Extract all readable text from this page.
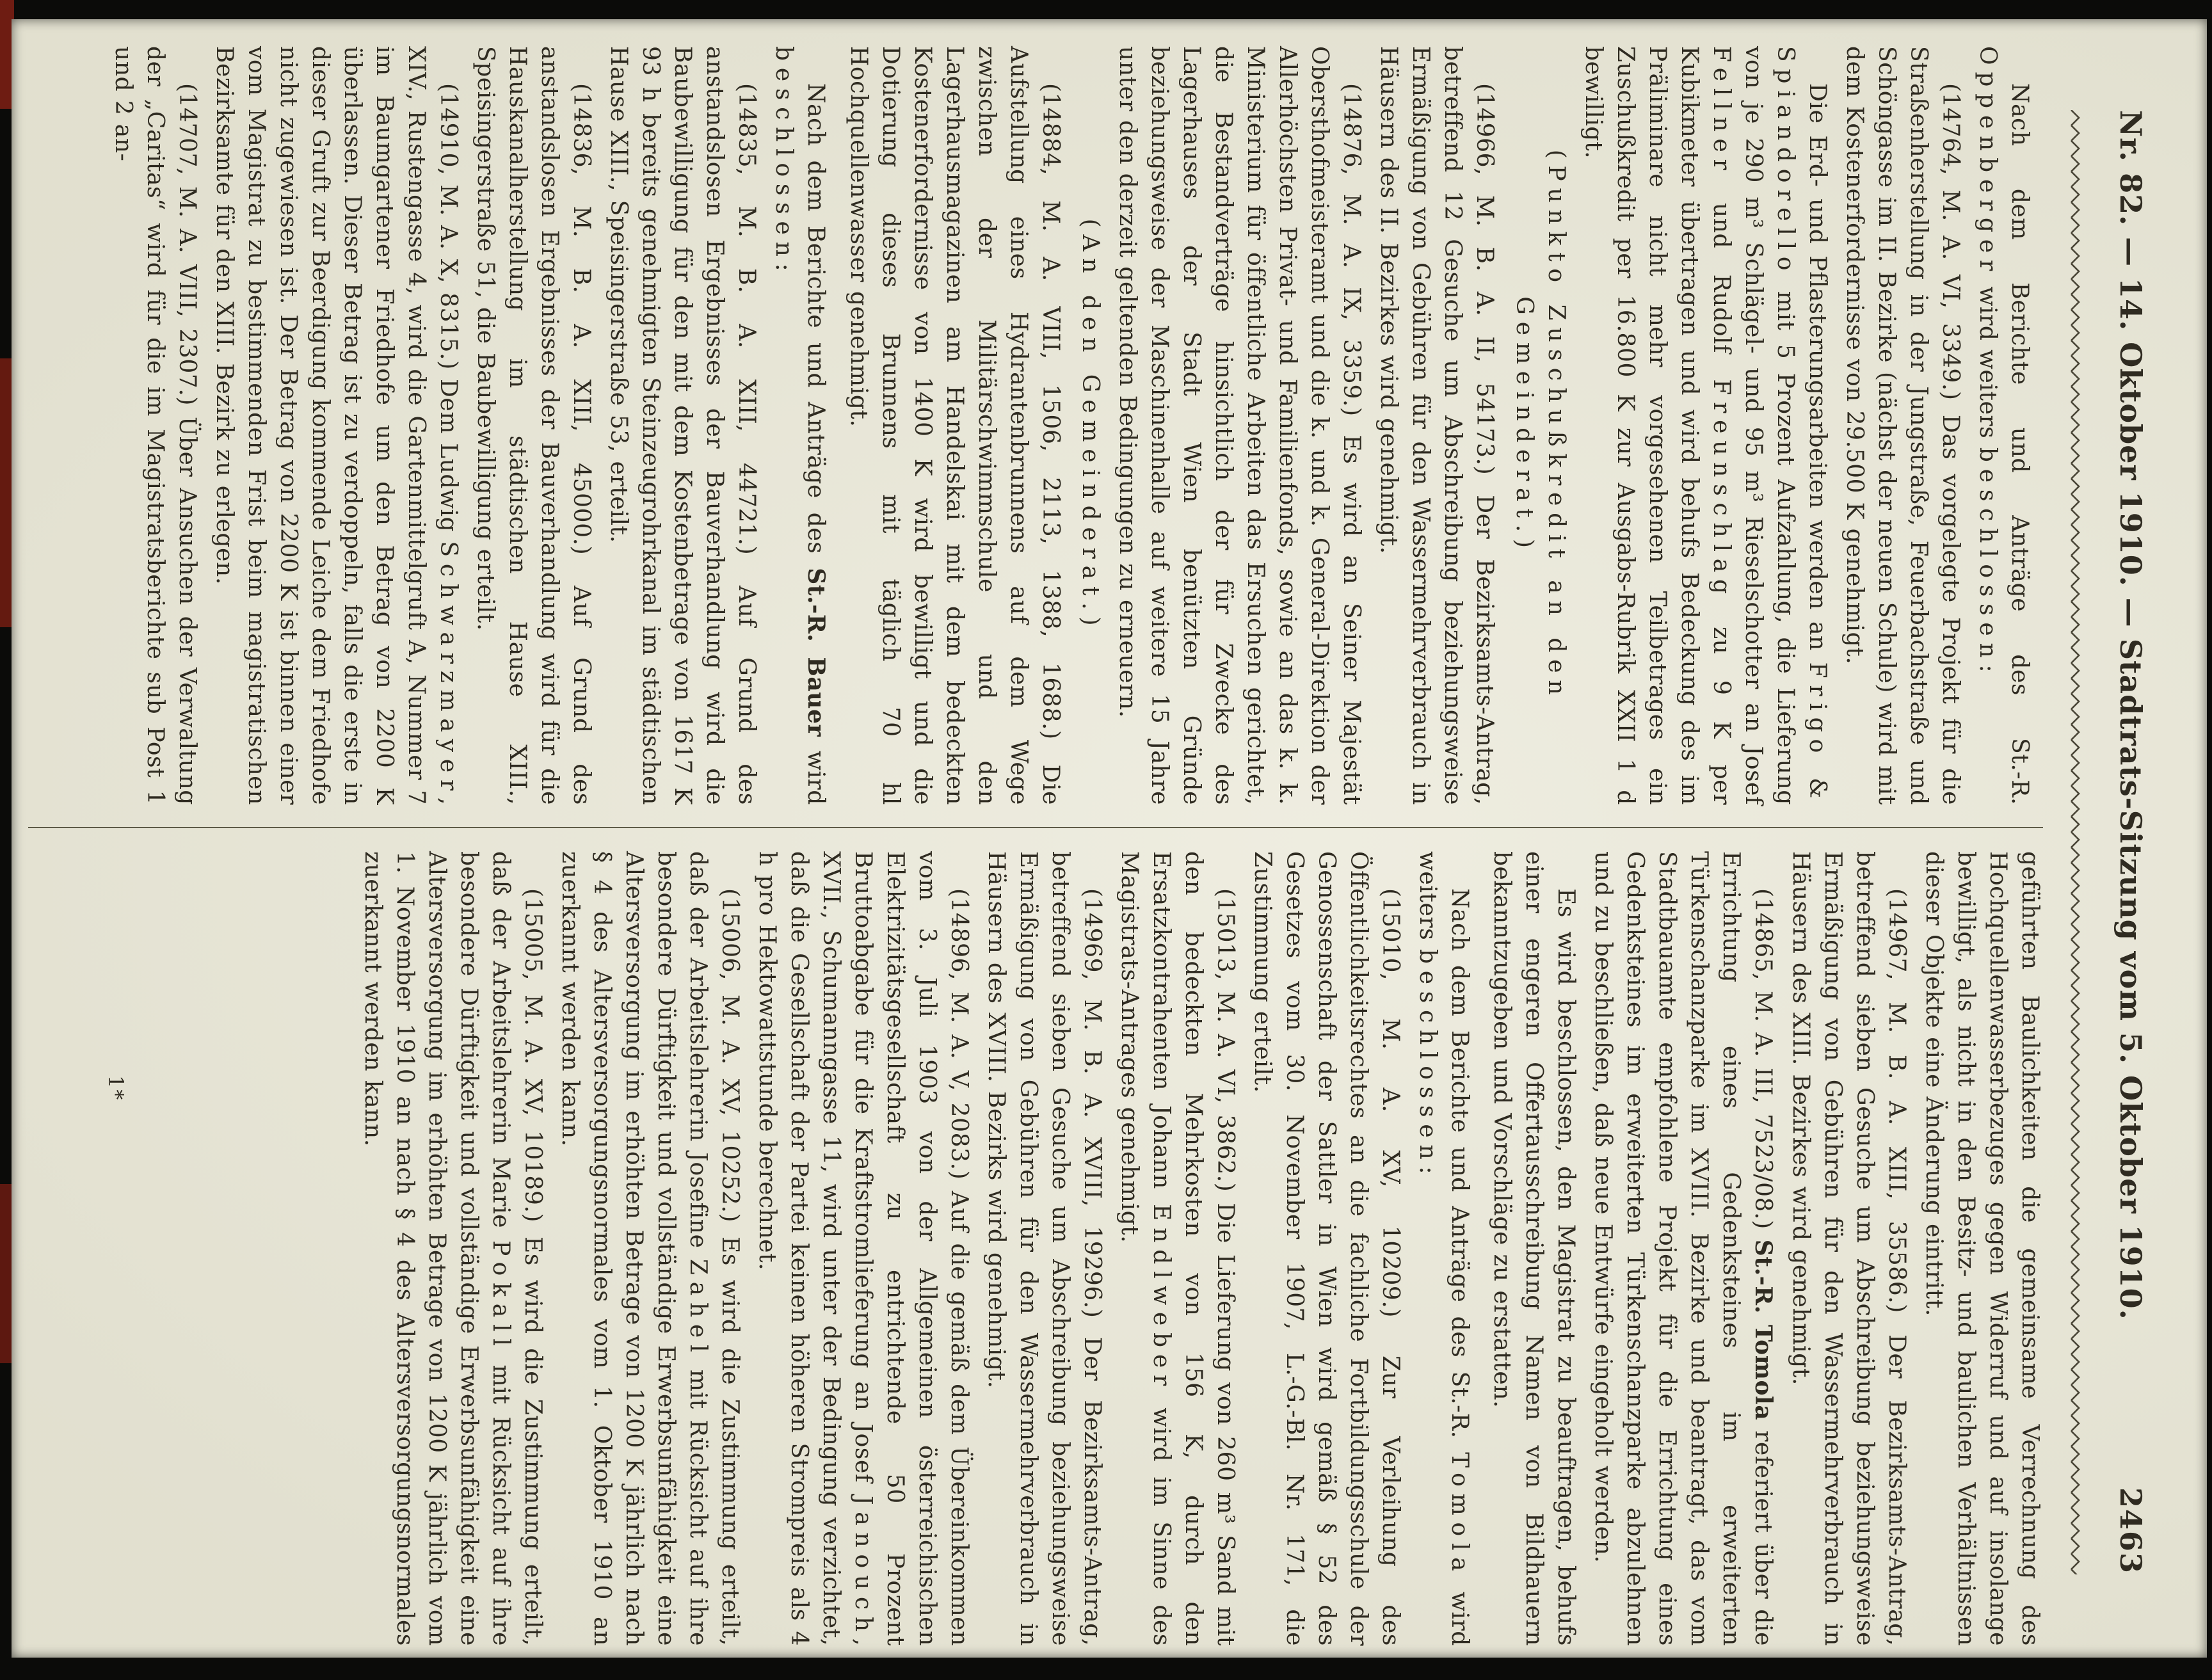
Nr. 82. — 14. Oktober 1910. — Stadtrats-Sitzung vom 5. Oktober 1910.
2463
Nach dem Berichte und Anträge des St.-R. Oppenberger wird weiters beschlossen:
(14764, M. A. VI, 3349.) Das vorgelegte Projekt für die Straßenherstellung in der Jungstraße, Feuerbachstraße und Schöngasse im II. Bezirke (nächst der neuen Schule) wird mit dem Kostenerfordernisse von 29.500 K genehmigt.
Die Erd- und Pflasterungsarbeiten werden an Frigo & Spiandorello mit 5 Prozent Aufzahlung, die Lieferung von je 290 m³ Schlägel- und 95 m³ Rieselschotter an Josef Fellner und Rudolf Freunschlag zu 9 K per Kubikmeter übertragen und wird behufs Bedeckung des im Präliminare nicht mehr vorgesehenen Teilbetrages ein Zuschußkredit per 16.800 K zur Ausgabs-Rubrik XXII 1 d bewilligt.
(Punkto Zuschußkredit an den Gemeinderat.)
(14966, M. B. A. II, 54173.) Der Bezirksamts-Antrag, betreffend 12 Gesuche um Abschreibung beziehungsweise Ermäßigung von Gebühren für den Wassermehrverbrauch in Häusern des II. Bezirkes wird genehmigt.
(14876, M. A. IX, 3359.) Es wird an Seiner Majestät Obersthofmeisteramt und die k. und k. General-Direktion der Allerhöchsten Privat- und Familienfonds, sowie an das k. k. Ministerium für öffentliche Arbeiten das Ersuchen gerichtet, die Bestandverträge hinsichtlich der für Zwecke des Lagerhauses der Stadt Wien benützten Gründe beziehungsweise der Maschinenhalle auf weitere 15 Jahre unter den derzeit geltenden Bedingungen zu erneuern.
(An den Gemeinderat.)
(14884, M. A. VIII, 1506, 2113, 1388, 1688.) Die Aufstellung eines Hydrantenbrunnens auf dem Wege zwischen der Militärschwimmschule und den Lagerhausmagazinen am Handelskai mit dem bedeckten Kostenerfordernisse von 1400 K wird bewilligt und die Dotierung dieses Brunnens mit täglich 70 hl Hochquellenwasser genehmigt.
Nach dem Berichte und Anträge des St.-R. Bauer wird beschlossen:
(14835, M. B. A. XIII, 44721.) Auf Grund des anstandslosen Ergebnisses der Bauverhandlung wird die Baubewilligung für den mit dem Kostenbetrage von 1617 K 93 h bereits genehmigten Steinzeugrohrkanal im städtischen Hause XIII., Speisingerstraße 53, erteilt.
(14836, M. B. A. XIII, 45000.) Auf Grund des anstandslosen Ergebnisses der Bauverhandlung wird für die Hauskanalherstellung im städtischen Hause XIII., Speisingerstraße 51, die Baubewilligung erteilt.
(14910, M. A. X, 8315.) Dem Ludwig Schwarzmayer, XIV., Rustengasse 4, wird die Gartenmittelgruft A, Nummer 7 im Baumgartener Friedhofe um den Betrag von 2200 K überlassen. Dieser Betrag ist zu verdoppeln, falls die erste in dieser Gruft zur Beerdigung kommende Leiche dem Friedhofe nicht zugewiesen ist. Der Betrag von 2200 K ist binnen einer vom Magistrat zu bestimmenden Frist beim magistratischen Bezirksamte für den XIII. Bezirk zu erlegen.
(14707, M. A. VIII, 2307.) Über Ansuchen der Verwaltung der „Caritas“ wird für die im Magistratsberichte sub Post 1 und 2 an-
geführten Baulichkeiten die gemeinsame Verrechnung des Hochquellenwasserbezuges gegen Widerruf und auf insolange bewilligt, als nicht in den Besitz- und baulichen Verhältnissen dieser Objekte eine Änderung eintritt.
(14967, M. B. A. XIII, 35586.) Der Bezirksamts-Antrag, betreffend sieben Gesuche um Abschreibung beziehungsweise Ermäßigung von Gebühren für den Wassermehrverbrauch in Häusern des XIII. Bezirkes wird genehmigt.
(14865, M. A. III, 7523/08.) St.-R. Tomola referiert über die Errichtung eines Gedenksteines im erweiterten Türkenschanzparke im XVIII. Bezirke und beantragt, das vom Stadtbauamte empfohlene Projekt für die Errichtung eines Gedenksteines im erweiterten Türkenschanzparke abzulehnen und zu beschließen, daß neue Entwürfe eingeholt werden.
Es wird beschlossen, den Magistrat zu beauftragen, behufs einer engeren Offertausschreibung Namen von Bildhauern bekanntzugeben und Vorschläge zu erstatten.
Nach dem Berichte und Anträge des St.-R. Tomola wird weiters beschlossen:
(15010, M. A. XV, 10209.) Zur Verleihung des Öffentlichkeitsrechtes an die fachliche Fortbildungsschule der Genossenschaft der Sattler in Wien wird gemäß § 52 des Gesetzes vom 30. November 1907, L.-G.-Bl. Nr. 171, die Zustimmung erteilt.
(15013, M. A. VI, 3862.) Die Lieferung von 260 m³ Sand mit den bedeckten Mehrkosten von 156 K, durch den Ersatzkontrahenten Johann Endlweber wird im Sinne des Magistrats-Antrages genehmigt.
(14969, M. B. A. XVIII, 19296.) Der Bezirksamts-Antrag, betreffend sieben Gesuche um Abschreibung beziehungsweise Ermäßigung von Gebühren für den Wassermehrverbrauch in Häusern des XVIII. Bezirks wird genehmigt.
(14896, M. A. V, 2083.) Auf die gemäß dem Übereinkommen vom 3. Juli 1903 von der Allgemeinen österreichischen Elektrizitätsgesellschaft zu entrichtende 50 Prozent Bruttoabgabe für die Kraftstromlieferung an Josef Janouch, XVII., Schumanngasse 11, wird unter der Bedingung verzichtet, daß die Gesellschaft der Partei keinen höheren Strompreis als 4 h pro Hektowattstunde berechnet.
(15006, M. A. XV, 10252.) Es wird die Zustimmung erteilt, daß der Arbeitslehrerin Josefine Zahel mit Rücksicht auf ihre besondere Dürftigkeit und vollständige Erwerbsunfähigkeit eine Altersversorgung im erhöhten Betrage von 1200 K jährlich nach § 4 des Altersversorgungsnormales vom 1. Oktober 1910 an zuerkannt werden kann.
(15005, M. A. XV, 10189.) Es wird die Zustimmung erteilt, daß der Arbeitslehrerin Marie Pokall mit Rücksicht auf ihre besondere Dürftigkeit und vollständige Erwerbsunfähigkeit eine Altersversorgung im erhöhten Betrage von 1200 K jährlich vom 1. November 1910 an nach § 4 des Altersversorgungsnormales zuerkannt werden kann.
1*
